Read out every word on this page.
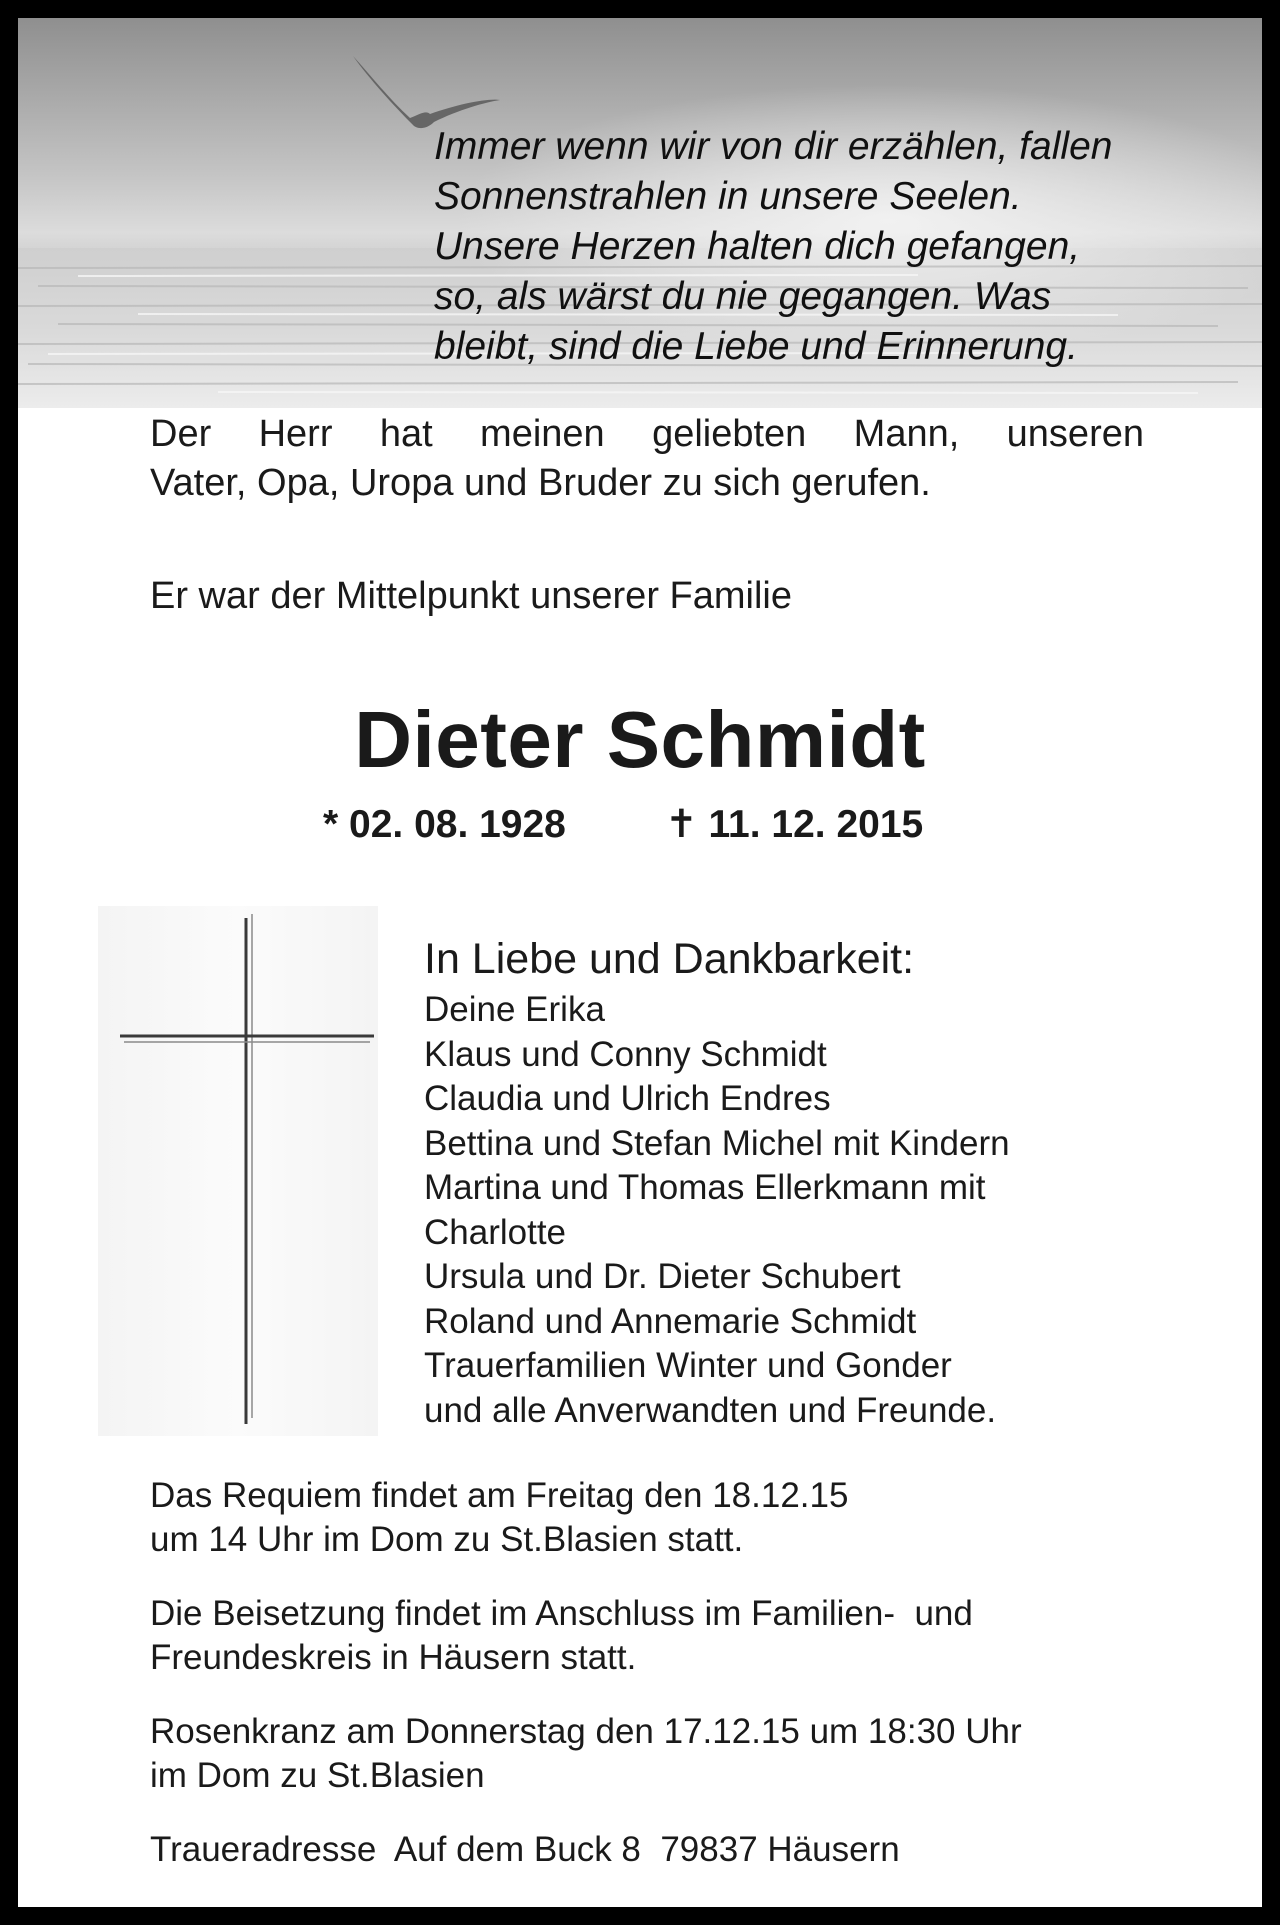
Immer wenn wir von dir erzählen, fallen
Sonnenstrahlen in unsere Seelen.
Unsere Herzen halten dich gefangen,
so, als wärst du nie gegangen. Was
bleibt, sind die Liebe und Erinnerung.
Der Herr hat meinen geliebten Mann, unseren
Vater, Opa, Uropa und Bruder zu sich gerufen.
Er war der Mittelpunkt unserer Familie
Dieter Schmidt
* 02. 08. 1928	✝ 11. 12. 2015
In Liebe und Dankbarkeit:
Deine Erika
Klaus und Conny Schmidt
Claudia und Ulrich Endres
Bettina und Stefan Michel mit Kindern
Martina und Thomas Ellerkmann mit
Charlotte
Ursula und Dr. Dieter Schubert
Roland und Annemarie Schmidt
Trauerfamilien Winter und Gonder
und alle Anverwandten und Freunde.
Das Requiem findet am Freitag den 18.12.15
um 14 Uhr im Dom zu St.Blasien statt.
Die Beisetzung findet im Anschluss im Familien-  und
Freundeskreis in Häusern statt.
Rosenkranz am Donnerstag den 17.12.15 um 18:30 Uhr
im Dom zu St.Blasien
Traueradresse  Auf dem Buck 8  79837 Häusern
